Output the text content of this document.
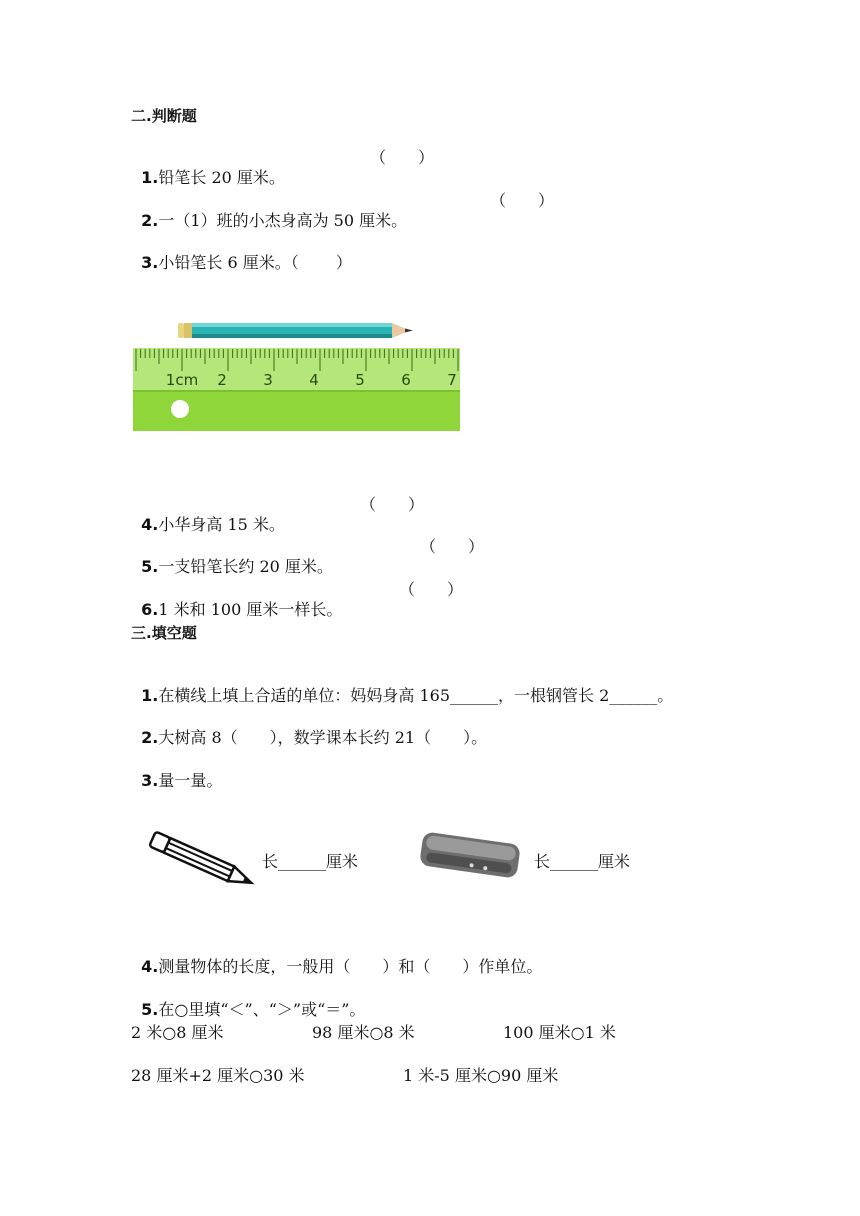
二.判断题

1.铅笔长 20 厘米。

（　　）

2.一（1）班的小杰身高为 50 厘米。

（　　）

3.小铅笔长 6 厘米。（　　 ）

1cm 2 3 4 5 6 7

4.小华身高 15 米。

（　　）

5.一支铅笔长约 20 厘米。

（　　）

6.1 米和 100 厘米一样长。

（　　）
三.填空题

1.在横线上填上合适的单位：妈妈身高 165______，一根钢管长 2______。

2.大树高 8（　　），数学课本长约 21（　　）。

3.量一量。

长______厘米	长______厘米

4.测量物体的长度，一般用（　　）和（　　）作单位。

5.在○里填“＜”、“＞”或“＝”。

2 米○8 厘米	98 厘米○8 米	100 厘米○1 米
28 厘米+2 厘米○30 米	1 米-5 厘米○90 厘米
